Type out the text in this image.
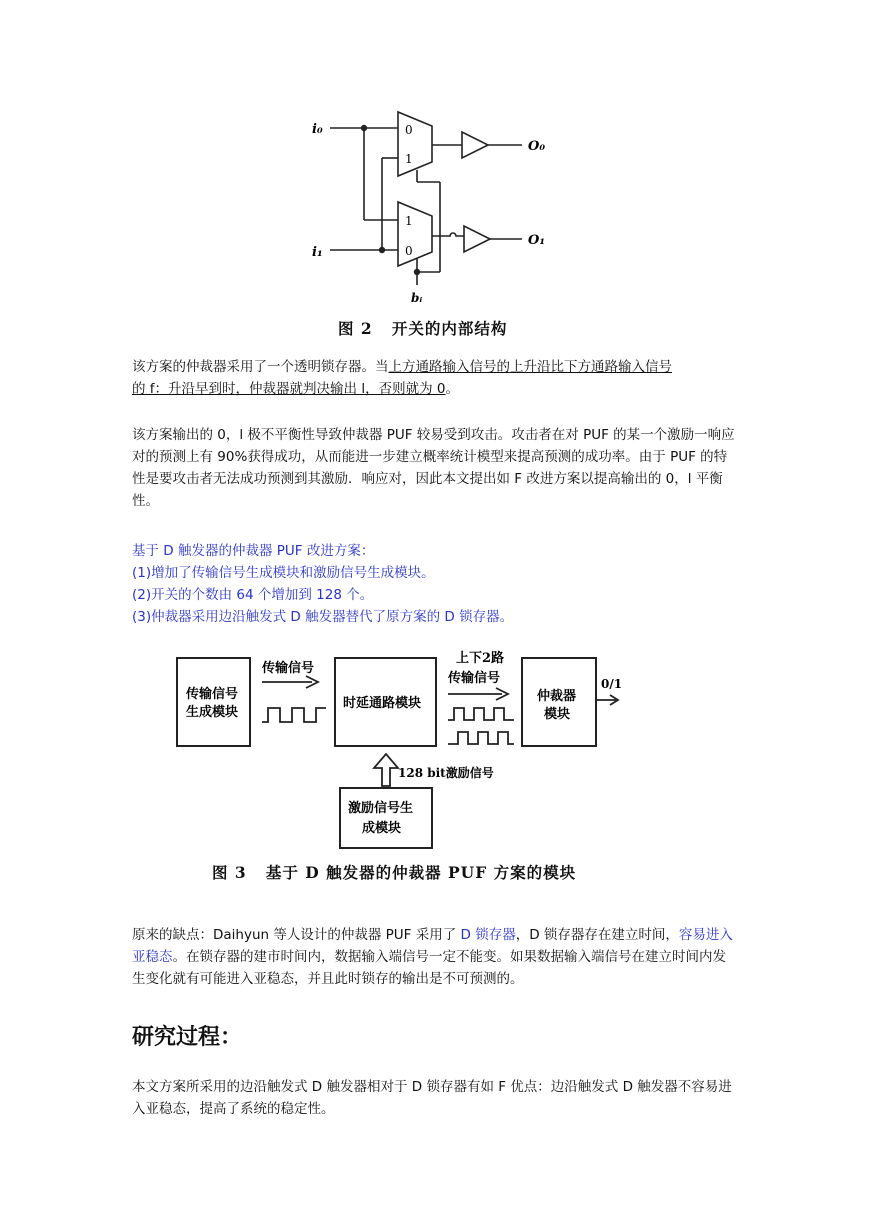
i₀
i₁
O₀
O₁
bᵢ
0
1
1
0
图 2 开关的内部结构

该方案的仲裁器采用了一个透明锁存器。当上方通路输入信号的上升沿比下方通路输入信号
的 f：升沿早到时，仲裁器就判决输出 l，否则就为 0。

该方案输出的 0，l 极不平衡性导致仲裁器 PUF 较易受到攻击。攻击者在对 PUF 的某一个激励一响应对的预测上有 90%获得成功，从而能进一步建立概率统计模型来提高预测的成功率。由于 PUF 的特性是要攻击者无法成功预测到其激励．响应对，因此本文提出如 F 改进方案以提高输出的 0，l 平衡性。

基于 D 触发器的仲裁器 PUF 改进方案：
(1)增加了传输信号生成模块和激励信号生成模块。
(2)开关的个数由 64 个增加到 128 个。
(3)仲裁器采用边沿触发式 D 触发器替代了原方案的 D 锁存器。
传输信号
生成模块
传输信号
时延通路模块
上下2路
传输信号
仲裁器
模块
0/1
128 bit激励信号
激励信号生
成模块
图 3 基于 D 触发器的仲裁器 PUF 方案的模块

原来的缺点：Daihyun 等人设计的仲裁器 PUF 采用了 D 锁存器，D 锁存器存在建立时间，容易进入亚稳态。在锁存器的建市时间内，数据输入端信号一定不能变。如果数据输入端信号在建立时间内发生变化就有可能进入亚稳态，并且此时锁存的输出是不可预测的。

研究过程：

本文方案所采用的边沿触发式 D 触发器相对于 D 锁存器有如 F 优点：边沿触发式 D 触发器不容易进入亚稳态，提高了系统的稳定性。
